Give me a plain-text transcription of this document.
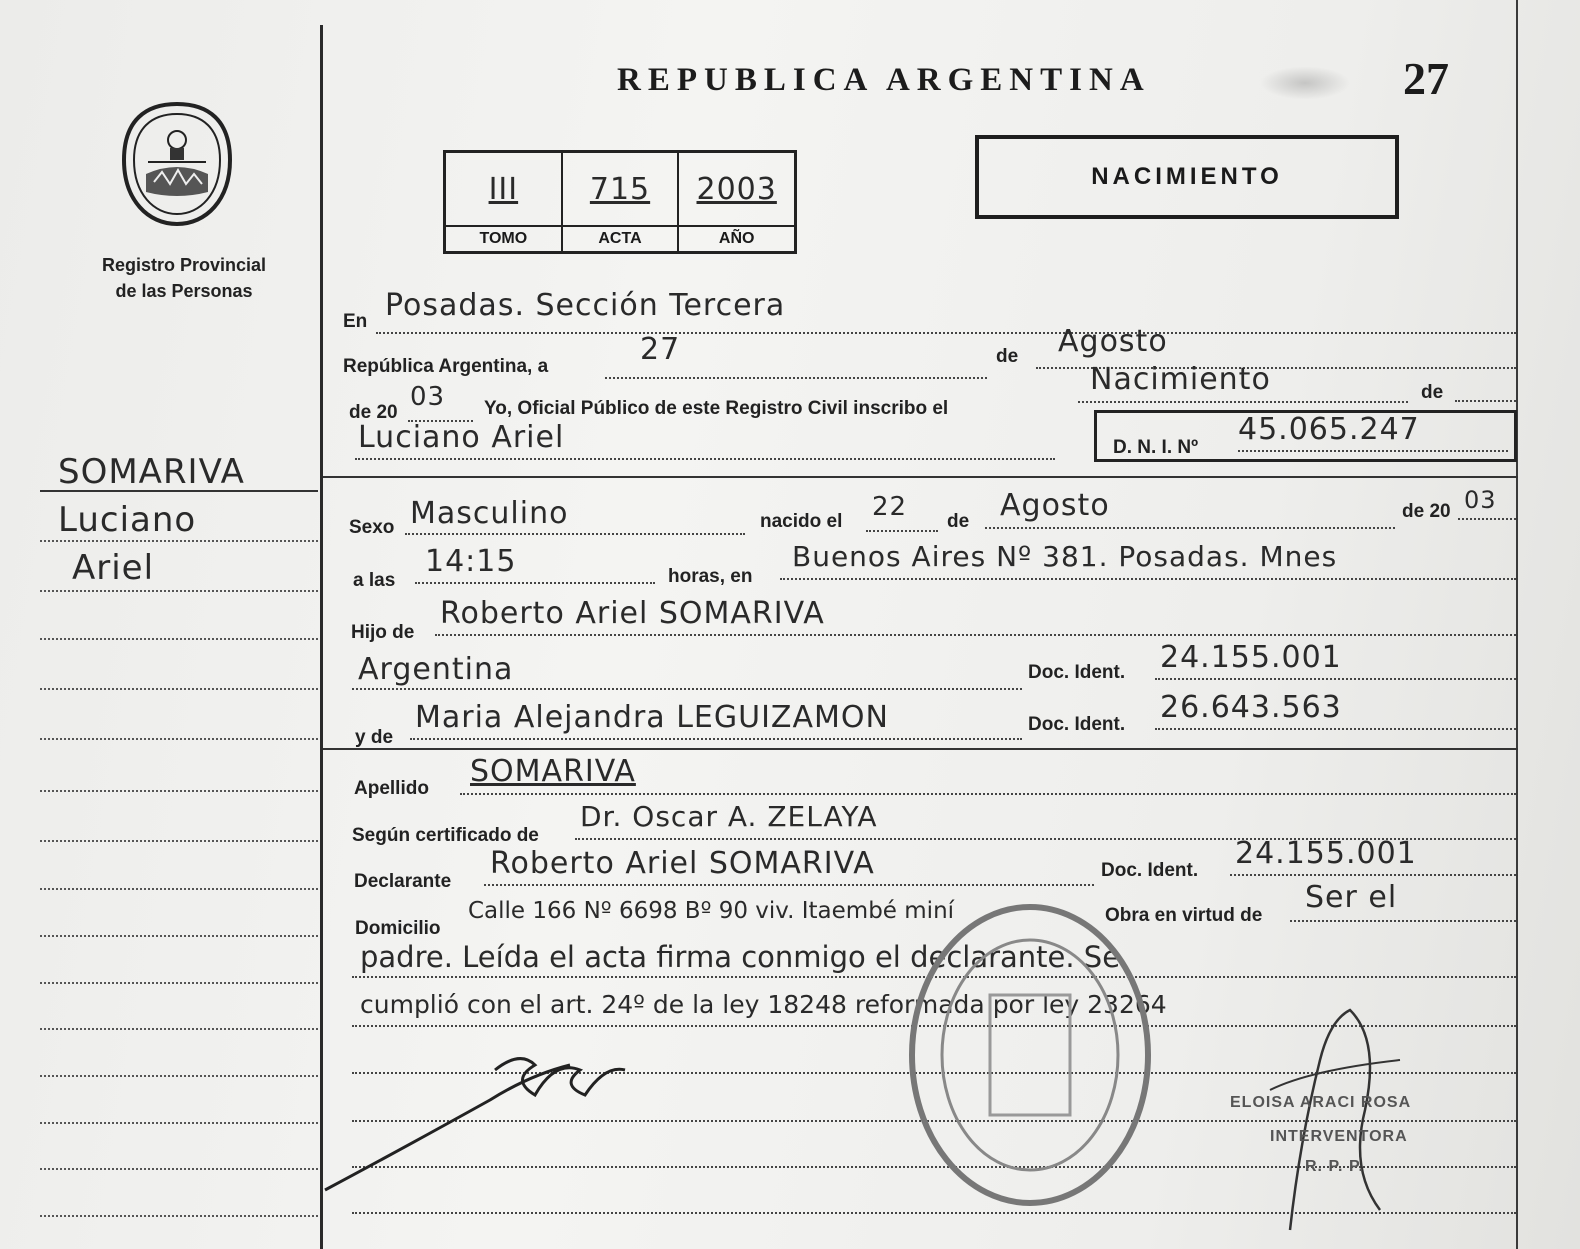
Registro Provincial
de las Personas
SOMARIVA
Luciano
Ariel
REPUBLICA ARGENTINA	27
III
TOMO
715
ACTA
2003
AÑO
NACIMIENTO
En Posadas. Sección Tercera
República Argentina, a	27	de Agosto
de 20
03 Yo, Oficial Público de este Registro Civil inscribo el
Nacimiento	de
Luciano Ariel	D. N. I. Nº
45.065.247
Sexo Masculino	nacido el 22 de Agosto	de 20 03
a las
14:15	horas, en
Buenos Aires Nº 381. Posadas. Mnes
Hijo de
Roberto Ariel SOMARIVA
Argentina	Doc. Ident. 24.155.001
y de
Maria Alejandra LEGUIZAMON	Doc. Ident. 26.643.563
Apellido SOMARIVA
Según certificado de
Dr. Oscar A. ZELAYA
Declarante
Roberto Ariel SOMARIVA	Doc. Ident. 24.155.001
Domicilio
Calle 166 Nº 6698 Bº 90 viv. Itaembé miní	Obra en virtud de
Ser el
padre. Leída el acta firma conmigo el declarante. Se
cumplió con el art. 24º de la ley 18248 reformada por ley 23264
ELOISA ARACI ROSA
INTERVENTORA
R. P. P.
